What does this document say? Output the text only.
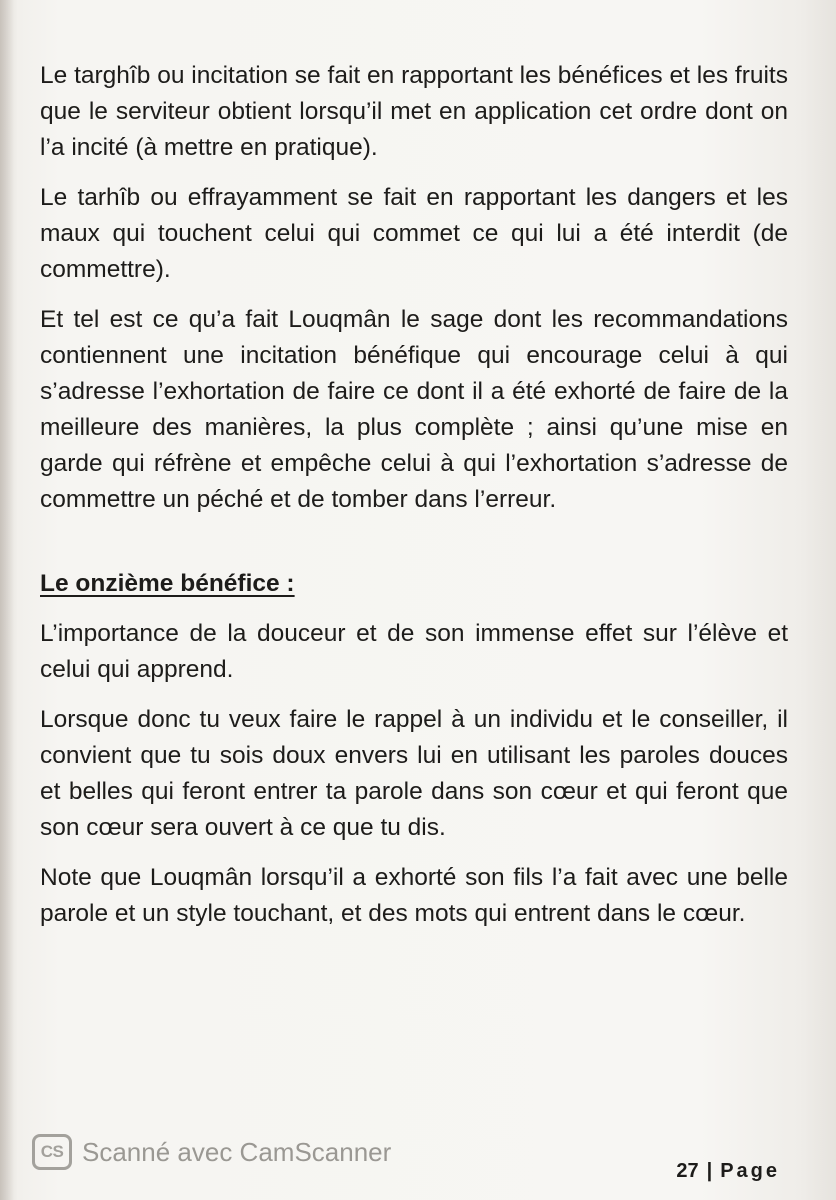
Le targhîb ou incitation se fait en rapportant les bénéfices et les fruits que le serviteur obtient lorsqu’il met en application cet ordre dont on l’a incité (à mettre en pratique).

Le tarhîb ou effrayamment se fait en rapportant les dangers et les maux qui touchent celui qui commet ce qui lui a été interdit (de commettre).

Et tel est ce qu’a fait Louqmân le sage dont les recommandations contiennent une incitation bénéfique qui encourage celui à qui s’adresse l’exhortation de faire ce dont il a été exhorté de faire de la meilleure des manières, la plus complète ; ainsi qu’une mise en garde qui réfrène et empêche celui à qui l’exhortation s’adresse de commettre un péché et de tomber dans l’erreur.

Le onzième bénéfice :

L’importance de la douceur et de son immense effet sur l’élève et celui qui apprend.

Lorsque donc tu veux faire le rappel à un individu et le conseiller, il convient que tu sois doux envers lui en utilisant les paroles douces et belles qui feront entrer ta parole dans son cœur et qui feront que son cœur sera ouvert à ce que tu dis.

Note que Louqmân lorsqu’il a exhorté son fils l’a fait avec une belle parole et un style touchant, et des mots qui entrent dans le cœur.

CS Scanné avec CamScanner
27 | Page
